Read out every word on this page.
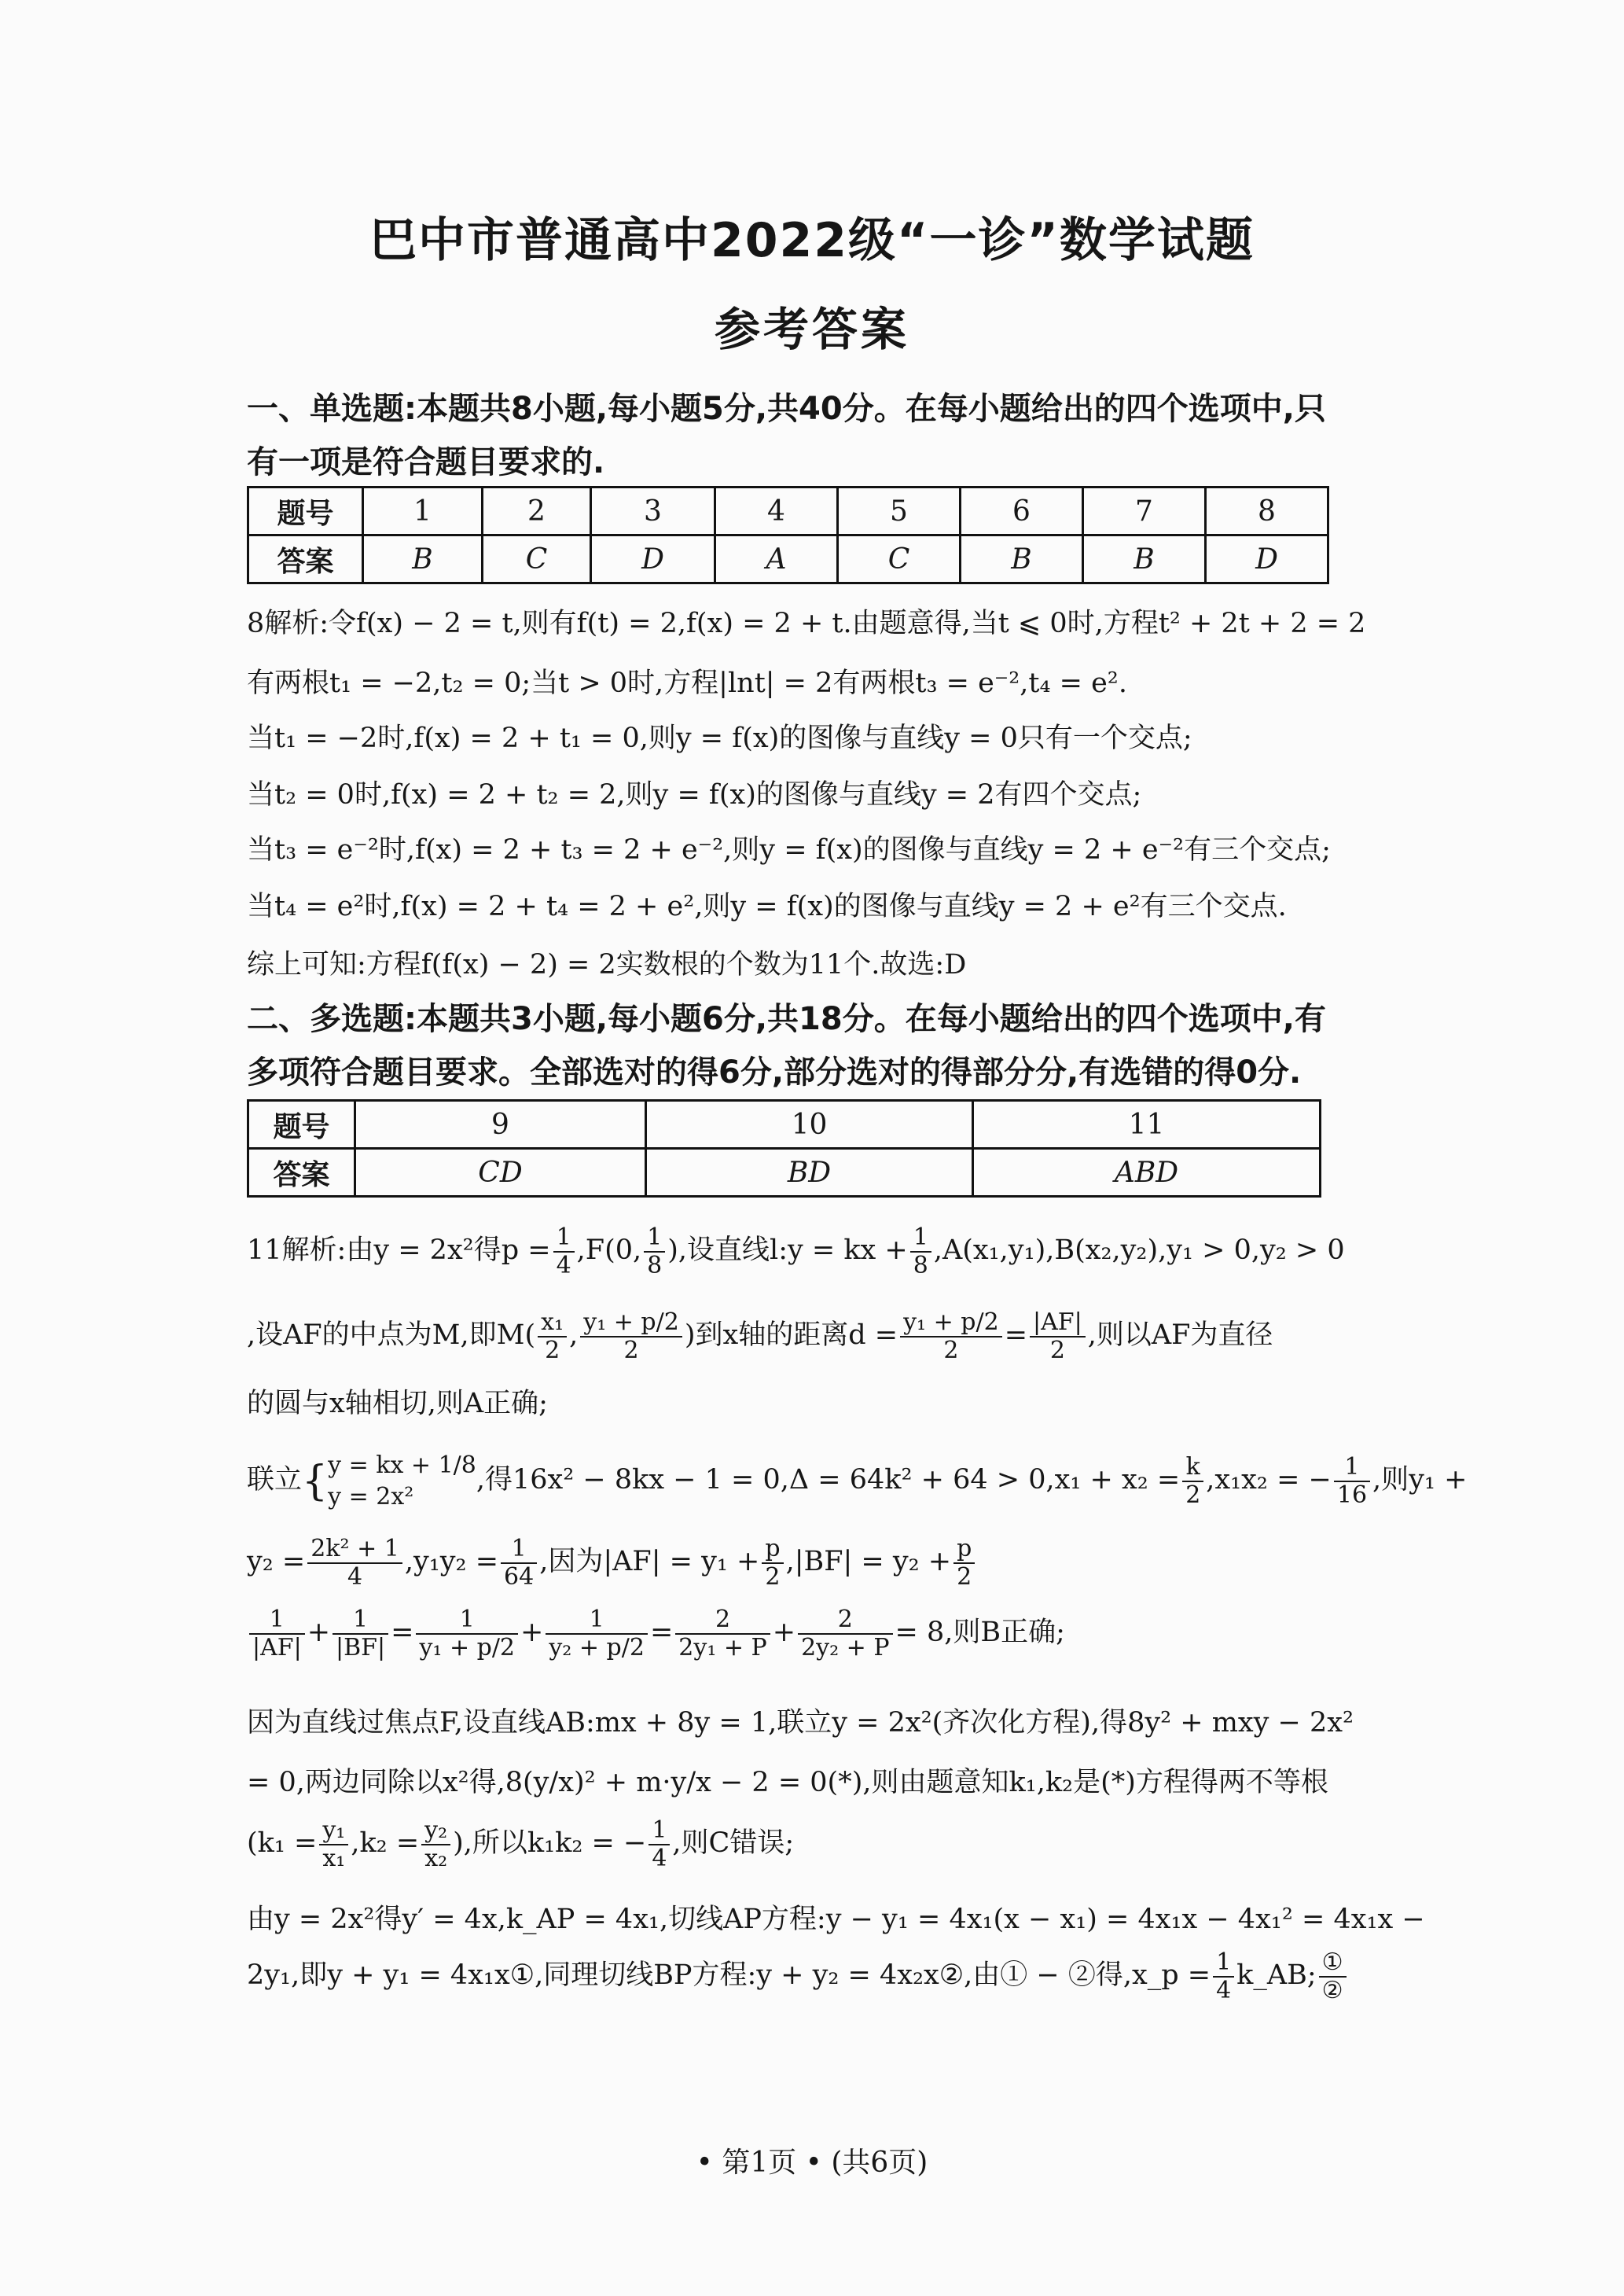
巴中市普通高中2022级“一诊”数学试题
参考答案
一、单选题:本题共8小题,每小题5分,共40分。在每小题给出的四个选项中,只
有一项是符合题目要求的.
题号	1	2	3	4	5	6	7	8
答案	B	C	D	A	C	B	B	D
8解析:令f(x) − 2 = t,则有f(t) = 2,f(x) = 2 + t.由题意得,当t ⩽ 0时,方程t² + 2t + 2 = 2
有两根t₁ = −2,t₂ = 0;当t > 0时,方程|lnt| = 2有两根t₃ = e⁻²,t₄ = e².
当t₁ = −2时,f(x) = 2 + t₁ = 0,则y = f(x)的图像与直线y = 0只有一个交点;
当t₂ = 0时,f(x) = 2 + t₂ = 2,则y = f(x)的图像与直线y = 2有四个交点;
当t₃ = e⁻²时,f(x) = 2 + t₃ = 2 + e⁻²,则y = f(x)的图像与直线y = 2 + e⁻²有三个交点;
当t₄ = e²时,f(x) = 2 + t₄ = 2 + e²,则y = f(x)的图像与直线y = 2 + e²有三个交点.
综上可知:方程f(f(x) − 2) = 2实数根的个数为11个.故选:D
二、多选题:本题共3小题,每小题6分,共18分。在每小题给出的四个选项中,有
多项符合题目要求。全部选对的得6分,部分选对的得部分分,有选错的得0分.
题号	9	10	11
答案	CD	BD	ABD
11解析:由y = 2x²得$p = \frac{1}{4} ,F(0$, $\frac{1}{8}$ ),设直线l:y = kx + $\frac{1}{8} ,A(x_1,y_1),B(x_2,y_2),y_1 > 0,y_2 > 0$
,设AF的中点为M,即$M( \frac{\text{x₁}}{2}$ , $\frac{\text{y₁ + p/2}}{2}$ )到x轴的距离$d = \frac{\text{y₁ + p/2}}{2} = \frac{|AF|}{2}$ ,则以AF为直径
的圆与x轴相切,则A正确;
联立{ y = kx + 1/8
y = 2x²
,得$16x^2 - 8kx - 1 = 0,\Delta = 64k^2 + 64 > 0,x_1 + x_2 = \frac{k}{2} ,x_1x_2$ = − $\frac{1}{16}$ ,则y₁ +
$y_2 = \frac{\text{2k² + 1}}{4} ,y_1y_2 = \frac{1}{64}$ ,因为$|AF| = y_1 + \frac{p}{2} ,|BF| = y_2 + \frac{p}{2}$
$\frac{1}{|AF|} + \frac{1}{|BF|} = \frac{1}{\text{y₁ + p/2}} + \frac{1}{\text{y₂ + p/2}} = \frac{2}{\text{2y₁ + P}} + \frac{2}{\text{2y₂ + P}} = 8$,则B正确;
因为直线过焦点F,设直线AB:mx + 8y = 1,联立y = 2x²(齐次化方程),得8y² + mxy − 2x²
= 0,两边同除以x²得,8(y/x)² + m·y/x − 2 = 0(*),则由题意知k₁,k₂是(*)方程得两不等根
($k_1 = \frac{\text{y₁}}{\text{x₁}} ,k_2 = \frac{\text{y₂}}{\text{x₂}}$ ),所以k₁k₂ = − $\frac{1}{4}$ ,则C错误;
由y = 2x²得y′ = 4x,k_AP = 4x₁,切线AP方程:y − y₁ = 4x₁(x − x₁) = 4x₁x − 4x₁² = 4x₁x −
2y₁,即y + y₁ = 4x₁x①,同理切线BP方程:y + y₂ = 4x₂x②,由① − ②得,x_p = $\frac{1}{4}$ k_AB; $\frac{\text{①}}{\text{②}}$
• 第1页 • (共6页)
